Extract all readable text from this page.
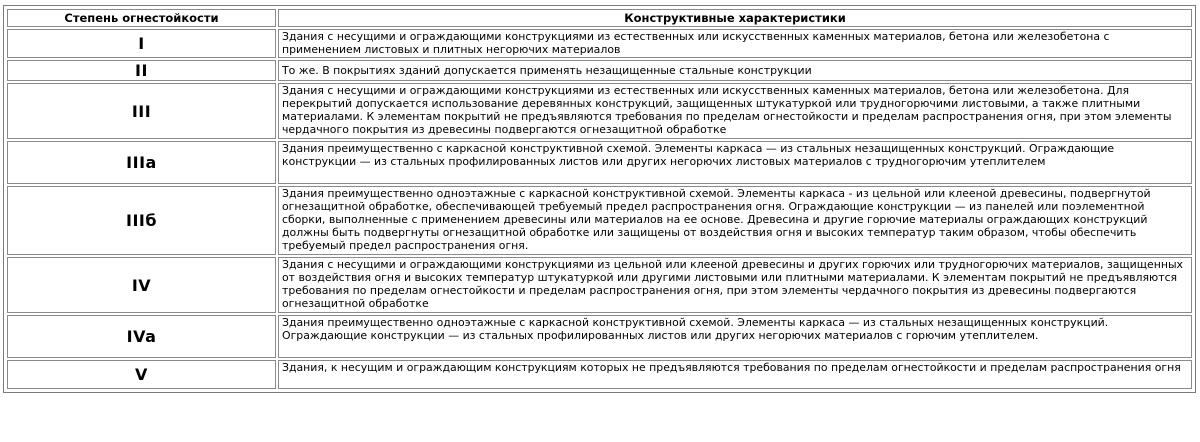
Степень огнестойкости	Конструктивные характеристики
I	Здания с несущими и ограждающими конструкциями из естественных или искусственных каменных материалов, бетона или железобетона с применением листовых и плитных негорючих материалов
II	То же. В покрытиях зданий допускается применять незащищенные стальные конструкции
III	Здания с несущими и ограждающими конструкциями из естественных или искусственных каменных материалов, бетона или железобетона. Для перекрытий допускается использование деревянных конструкций, защищенных штукатуркой или трудногорючими листовыми, а также плитными материалами. К элементам покрытий не предъявляются требования по пределам огнестойкости и пределам распространения огня, при этом элементы чердачного покрытия из древесины подвергаются огнезащитной обработке
IIIa	Здания преимущественно с каркасной конструктивной схемой. Элементы каркаса — из стальных незащищенных конструкций. Ограждающие конструкции — из стальных профилированных листов или других негорючих листовых материалов с трудногорючим утеплителем
IIIб	Здания преимущественно одноэтажные с каркасной конструктивной схемой. Элементы каркаса - из цельной или клееной древесины, подвергнутой огнезащитной обработке, обеспечивающей требуемый предел распространения огня. Ограждающие конструкции — из панелей или поэлементной сборки, выполненные с применением древесины или материалов на ее основе. Древесина и другие горючие материалы ограждающих конструкций должны быть подвергнуты огнезащитной обработке или защищены от воздействия огня и высоких температур таким образом, чтобы обеспечить требуемый предел распространения огня.
IV	Здания с несущими и ограждающими конструкциями из цельной или клееной древесины и других горючих или трудногорючих материалов, защищенных от воздействия огня и высоких температур штукатуркой или другими листовыми или плитными материалами. К элементам покрытий не предъявляются требования по пределам огнестойкости и пределам распространения огня, при этом элементы чердачного покрытия из древесины подвергаются огнезащитной обработке
IVa	Здания преимущественно одноэтажные с каркасной конструктивной схемой. Элементы каркаса — из стальных незащищенных конструкций. Ограждающие конструкции — из стальных профилированных листов или других негорючих материалов с горючим утеплителем.
V	Здания, к несущим и ограждающим конструкциям которых не предъявляются требования по пределам огнестойкости и пределам распространения огня
